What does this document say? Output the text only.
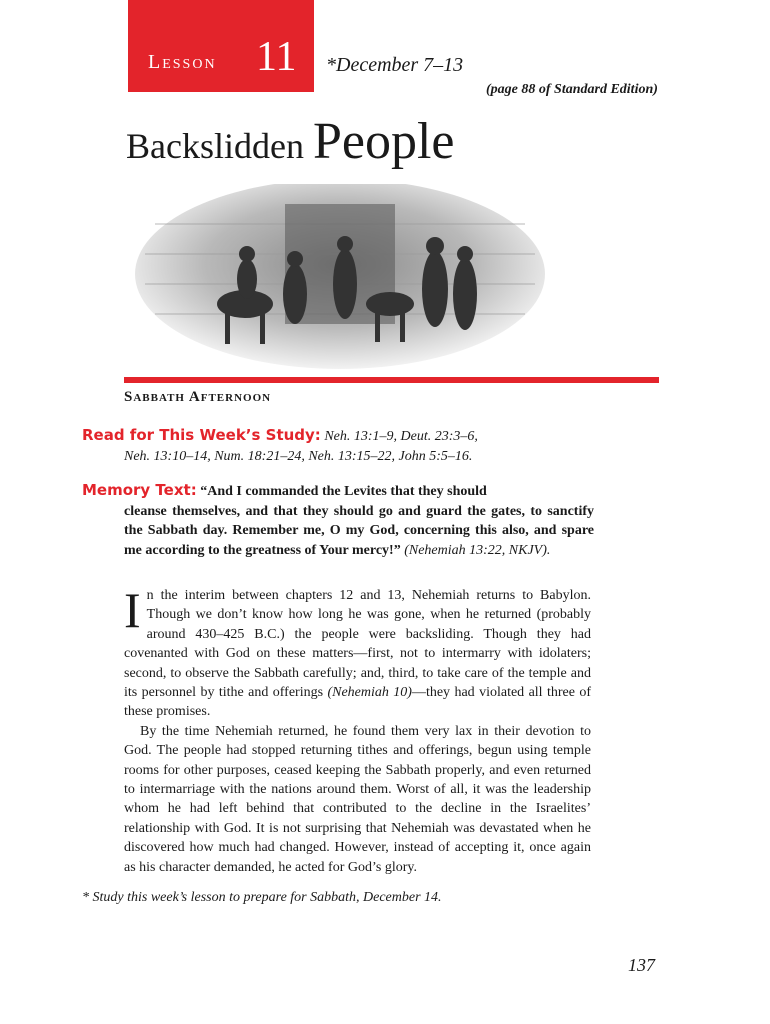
Lesson 11 *December 7–13
(page 88 of Standard Edition)
Backslidden People
Sabbath Afternoon
Read for This Week’s Study: Neh. 13:1–9, Deut. 23:3–6,
Neh. 13:10–14, Num. 18:21–24, Neh. 13:15–22, John 5:5–16.
Memory Text: “And I commanded the Levites that they should
cleanse themselves, and that they should go and guard the gates, to sanctify the Sabbath day. Remember me, O my God, concerning this also, and spare me according to the greatness of Your mercy!” (Nehemiah 13:22, NKJV).

In the interim between chapters 12 and 13, Nehemiah returns to Babylon. Though we don’t know how long he was gone, when he returned (probably around 430–425 B.C.) the people were backsliding. Though they had covenanted with God on these matters—first, not to intermarry with idolaters; second, to observe the Sabbath carefully; and, third, to take care of the temple and its personnel by tithe and offerings (Nehemiah 10)—they had violated all three of these promises.

By the time Nehemiah returned, he found them very lax in their devotion to God. The people had stopped returning tithes and offerings, begun using temple rooms for other purposes, ceased keeping the Sabbath properly, and even returned to intermarriage with the nations around them. Worst of all, it was the leadership whom he had left behind that contributed to the decline in the Israelites’ relationship with God. It is not surprising that Nehemiah was devastated when he discovered how much had changed. However, instead of accepting it, once again as his character demanded, he acted for God’s glory.

* Study this week’s lesson to prepare for Sabbath, December 14.
137
